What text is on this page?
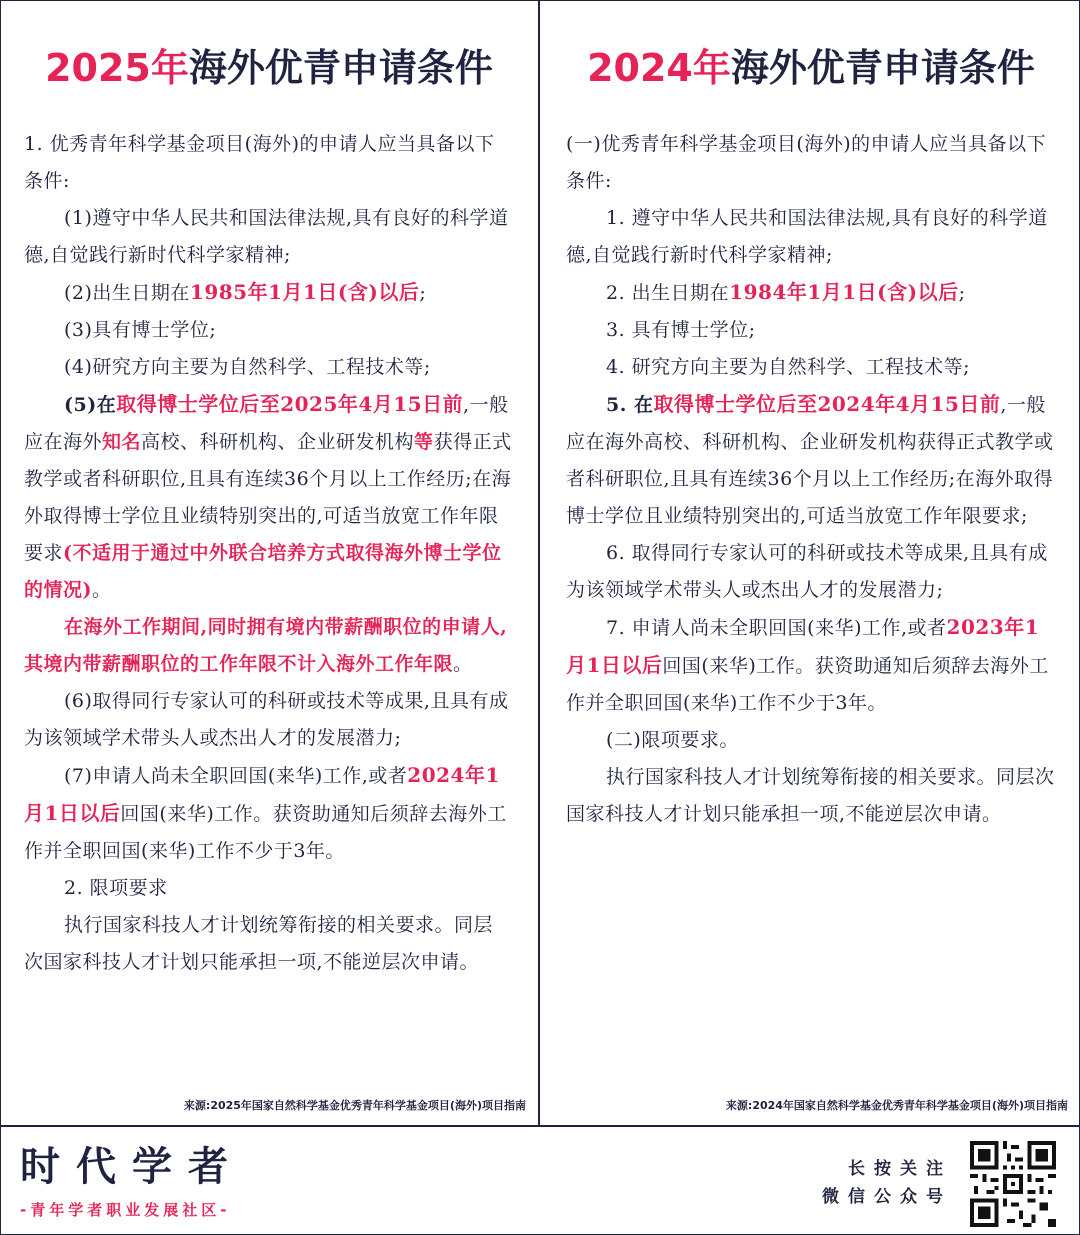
2025年海外优青申请条件

1. 优秀青年科学基金项目(海外)的申请人应当具备以下条件:

(1)遵守中华人民共和国法律法规,具有良好的科学道德,自觉践行新时代科学家精神;

(2)出生日期在1985年1月1日(含)以后;

(3)具有博士学位;

(4)研究方向主要为自然科学、工程技术等;

(5)在取得博士学位后至2025年4月15日前,一般应在海外知名高校、科研机构、企业研发机构等获得正式教学或者科研职位,且具有连续36个月以上工作经历;在海外取得博士学位且业绩特别突出的,可适当放宽工作年限要求(不适用于通过中外联合培养方式取得海外博士学位的情况)。

在海外工作期间,同时拥有境内带薪酬职位的申请人,其境内带薪酬职位的工作年限不计入海外工作年限。

(6)取得同行专家认可的科研或技术等成果,且具有成为该领域学术带头人或杰出人才的发展潜力;

(7)申请人尚未全职回国(来华)工作,或者2024年1月1日以后回国(来华)工作。获资助通知后须辞去海外工作并全职回国(来华)工作不少于3年。

2. 限项要求

执行国家科技人才计划统筹衔接的相关要求。同层次国家科技人才计划只能承担一项,不能逆层次申请。

来源:2025年国家自然科学基金优秀青年科学基金项目(海外)项目指南
2024年海外优青申请条件

(一)优秀青年科学基金项目(海外)的申请人应当具备以下条件:

1. 遵守中华人民共和国法律法规,具有良好的科学道德,自觉践行新时代科学家精神;

2. 出生日期在1984年1月1日(含)以后;

3. 具有博士学位;

4. 研究方向主要为自然科学、工程技术等;

5. 在取得博士学位后至2024年4月15日前,一般应在海外高校、科研机构、企业研发机构获得正式教学或者科研职位,且具有连续36个月以上工作经历;在海外取得博士学位且业绩特别突出的,可适当放宽工作年限要求;

6. 取得同行专家认可的科研或技术等成果,且具有成为该领域学术带头人或杰出人才的发展潜力;

7. 申请人尚未全职回国(来华)工作,或者2023年1月1日以后回国(来华)工作。获资助通知后须辞去海外工作并全职回国(来华)工作不少于3年。

(二)限项要求。

执行国家科技人才计划统筹衔接的相关要求。同层次国家科技人才计划只能承担一项,不能逆层次申请。

来源:2024年国家自然科学基金优秀青年科学基金项目(海外)项目指南
时代学者
-青年学者职业发展社区-
长按关注
微信公众号
